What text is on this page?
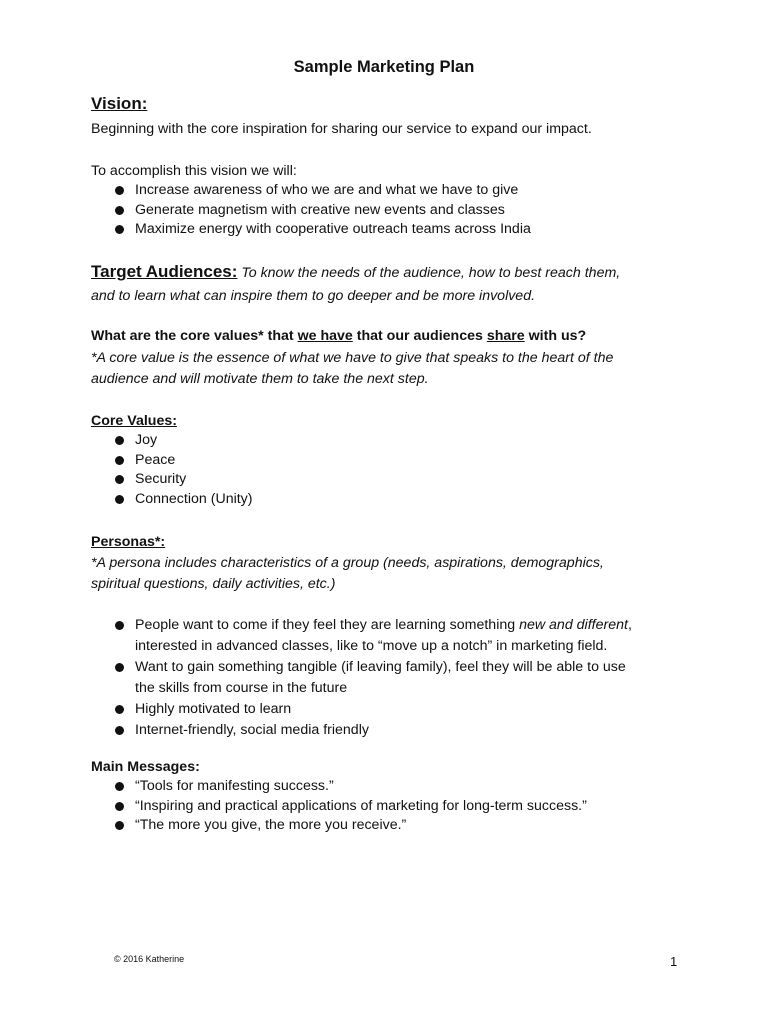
Sample Marketing Plan
Vision:
Beginning with the core inspiration for sharing our service to expand our impact.
To accomplish this vision we will:
Increase awareness of who we are and what we have to give
Generate magnetism with creative new events and classes
Maximize energy with cooperative outreach teams across India
Target Audiences: To know the needs of the audience, how to best reach them,
and to learn what can inspire them to go deeper and be more involved.
What are the core values* that we have that our audiences share with us?
*A core value is the essence of what we have to give that speaks to the heart of the
audience and will motivate them to take the next step.
Core Values:
Joy
Peace
Security
Connection (Unity)
Personas*:
*A persona includes characteristics of a group (needs, aspirations, demographics,
spiritual questions, daily activities, etc.)
People want to come if they feel they are learning something new and different,
interested in advanced classes, like to “move up a notch” in marketing field.
Want to gain something tangible (if leaving family), feel they will be able to use
the skills from course in the future
Highly motivated to learn
Internet-friendly, social media friendly
Main Messages:
“Tools for manifesting success.”
“Inspiring and practical applications of marketing for long-term success.”
“The more you give, the more you receive.”
© 2016 Katherine	1
